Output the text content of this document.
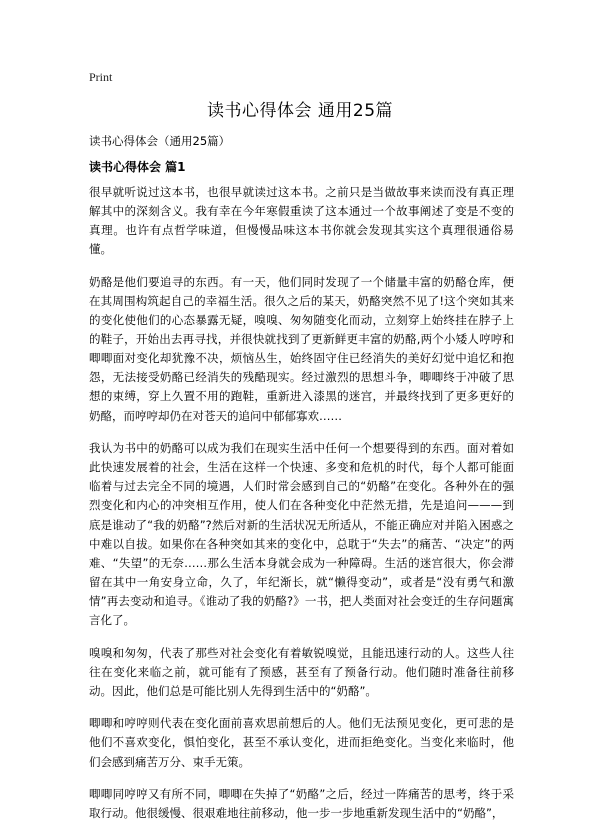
Print
读书心得体会 通用25篇
读书心得体会（通用25篇）
读书心得体会 篇1

很早就听说过这本书，也很早就读过这本书。之前只是当做故事来读而没有真正理解其中的深刻含义。我有幸在今年寒假重读了这本通过一个故事阐述了变是不变的真理。也许有点哲学味道，但慢慢品味这本书你就会发现其实这个真理很通俗易懂。

奶酪是他们要追寻的东西。有一天，他们同时发现了一个储量丰富的奶酪仓库，便在其周围构筑起自己的幸福生活。很久之后的某天，奶酪突然不见了!这个突如其来的变化使他们的心态暴露无疑，嗅嗅、匆匆随变化而动，立刻穿上始终挂在脖子上的鞋子，开始出去再寻找，并很快就找到了更新鲜更丰富的奶酪,两个小矮人哼哼和唧唧面对变化却犹豫不决，烦恼丛生，始终固守住已经消失的美好幻觉中追忆和抱怨，无法接受奶酪已经消失的残酷现实。经过激烈的思想斗争，唧唧终于冲破了思想的束缚，穿上久置不用的跑鞋，重新进入漆黑的迷宫，并最终找到了更多更好的奶酪，而哼哼却仍在对苍天的追问中郁郁寡欢……

我认为书中的奶酪可以成为我们在现实生活中任何一个想要得到的东西。面对着如此快速发展着的社会，生活在这样一个快速、多变和危机的时代，每个人都可能面临着与过去完全不同的境遇，人们时常会感到自己的“奶酪”在变化。各种外在的强烈变化和内心的冲突相互作用，使人们在各种变化中茫然无措，先是追问———到底是谁动了“我的奶酪”?然后对新的生活状况无所适从，不能正确应对并陷入困惑之中难以自拔。如果你在各种突如其来的变化中，总耽于“失去”的痛苦、“决定”的两难、“失望”的无奈……那么生活本身就会成为一种障碍。生活的迷宫很大，你会滞留在其中一角安身立命，久了，年纪渐长，就“懒得变动”，或者是“没有勇气和激情”再去变动和追寻。《谁动了我的奶酪?》一书，把人类面对社会变迁的生存问题寓言化了。

嗅嗅和匆匆，代表了那些对社会变化有着敏锐嗅觉，且能迅速行动的人。这些人往往在变化来临之前，就可能有了预感，甚至有了预备行动。他们随时准备往前移动。因此，他们总是可能比别人先得到生活中的“奶酪”。

唧唧和哼哼则代表在变化面前喜欢思前想后的人。他们无法预见变化，更可悲的是他们不喜欢变化，惧怕变化，甚至不承认变化，进而拒绝变化。当变化来临时，他们会感到痛苦万分、束手无策。

唧唧同哼哼又有所不同，唧唧在失掉了“奶酪”之后，经过一阵痛苦的思考，终于采取行动。他很缓慢、很艰难地往前移动，他一步一步地重新发现生活中的“奶酪”，
